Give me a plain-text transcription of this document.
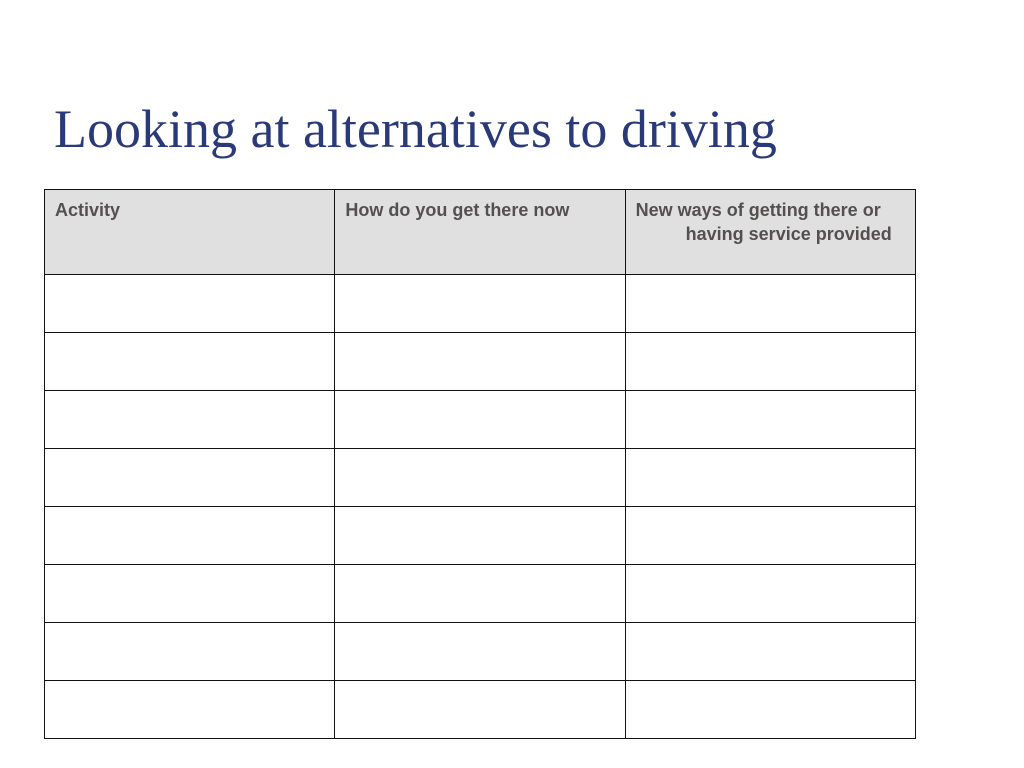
Looking at alternatives to driving
Activity	How do you get there now	New ways of getting there or having service provided
